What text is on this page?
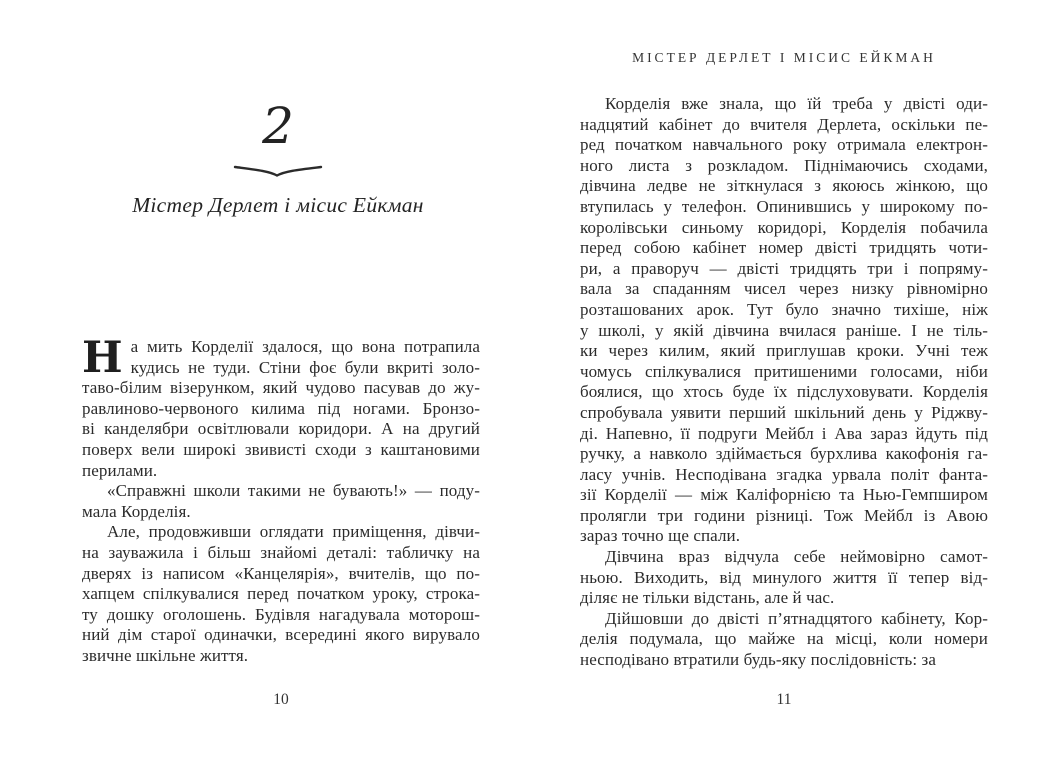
2
Містер Дерлет і місис Ейкман
Н а мить Корделії здалося, що вона потрапила
кудись не туди. Стіни фоє були вкриті золо-
таво-білим візерунком, який чудово пасував до жу-
равлиново-червоного килима під ногами. Бронзо-
ві канделябри освітлювали коридори. А на другий
поверх вели широкі звивисті сходи з каштановими
перилами.
«Справжні школи такими не бувають!» — поду-
мала Корделія.
Але, продовживши оглядати приміщення, дівчи-
на зауважила і більш знайомі деталі: табличку на
дверях із написом «Канцелярія», вчителів, що по-
хапцем спілкувалися перед початком уроку, строка-
ту дошку оголошень. Будівля нагадувала моторош-
ний дім старої одиначки, всередині якого вирувало
звичне шкільне життя.
10
МІСТЕР ДЕРЛЕТ І МІСИС ЕЙКМАН
Корделія вже знала, що їй треба у двісті оди-
надцятий кабінет до вчителя Дерлета, оскільки пе-
ред початком навчального року отримала електрон-
ного листа з розкладом. Піднімаючись сходами,
дівчина ледве не зіткнулася з якоюсь жінкою, що
втупилась у телефон. Опинившись у широкому по-
королівськи синьому коридорі, Корделія побачила
перед собою кабінет номер двісті тридцять чоти-
ри, а праворуч — двісті тридцять три і попряму-
вала за спаданням чисел через низку рівномірно
розташованих арок. Тут було значно тихіше, ніж
у школі, у якій дівчина вчилася раніше. І не тіль-
ки через килим, який приглушав кроки. Учні теж
чомусь спілкувалися притишеними голосами, ніби
боялися, що хтось буде їх підслуховувати. Корделія
спробувала уявити перший шкільний день у Ріджву-
ді. Напевно, її подруги Мейбл і Ава зараз йдуть під
ручку, а навколо здіймається бурхлива какофонія га-
ласу учнів. Несподівана згадка урвала політ фанта-
зії Корделії — між Каліфорнією та Нью-Гемпширом
пролягли три години різниці. Тож Мейбл із Авою
зараз точно ще спали.
Дівчина враз відчула себе неймовірно самот-
ньою. Виходить, від минулого життя її тепер від-
діляє не тільки відстань, але й час.
Дійшовши до двісті п’ятнадцятого кабінету, Кор-
делія подумала, що майже на місці, коли номери
несподівано втратили будь-яку послідовність: за
11
